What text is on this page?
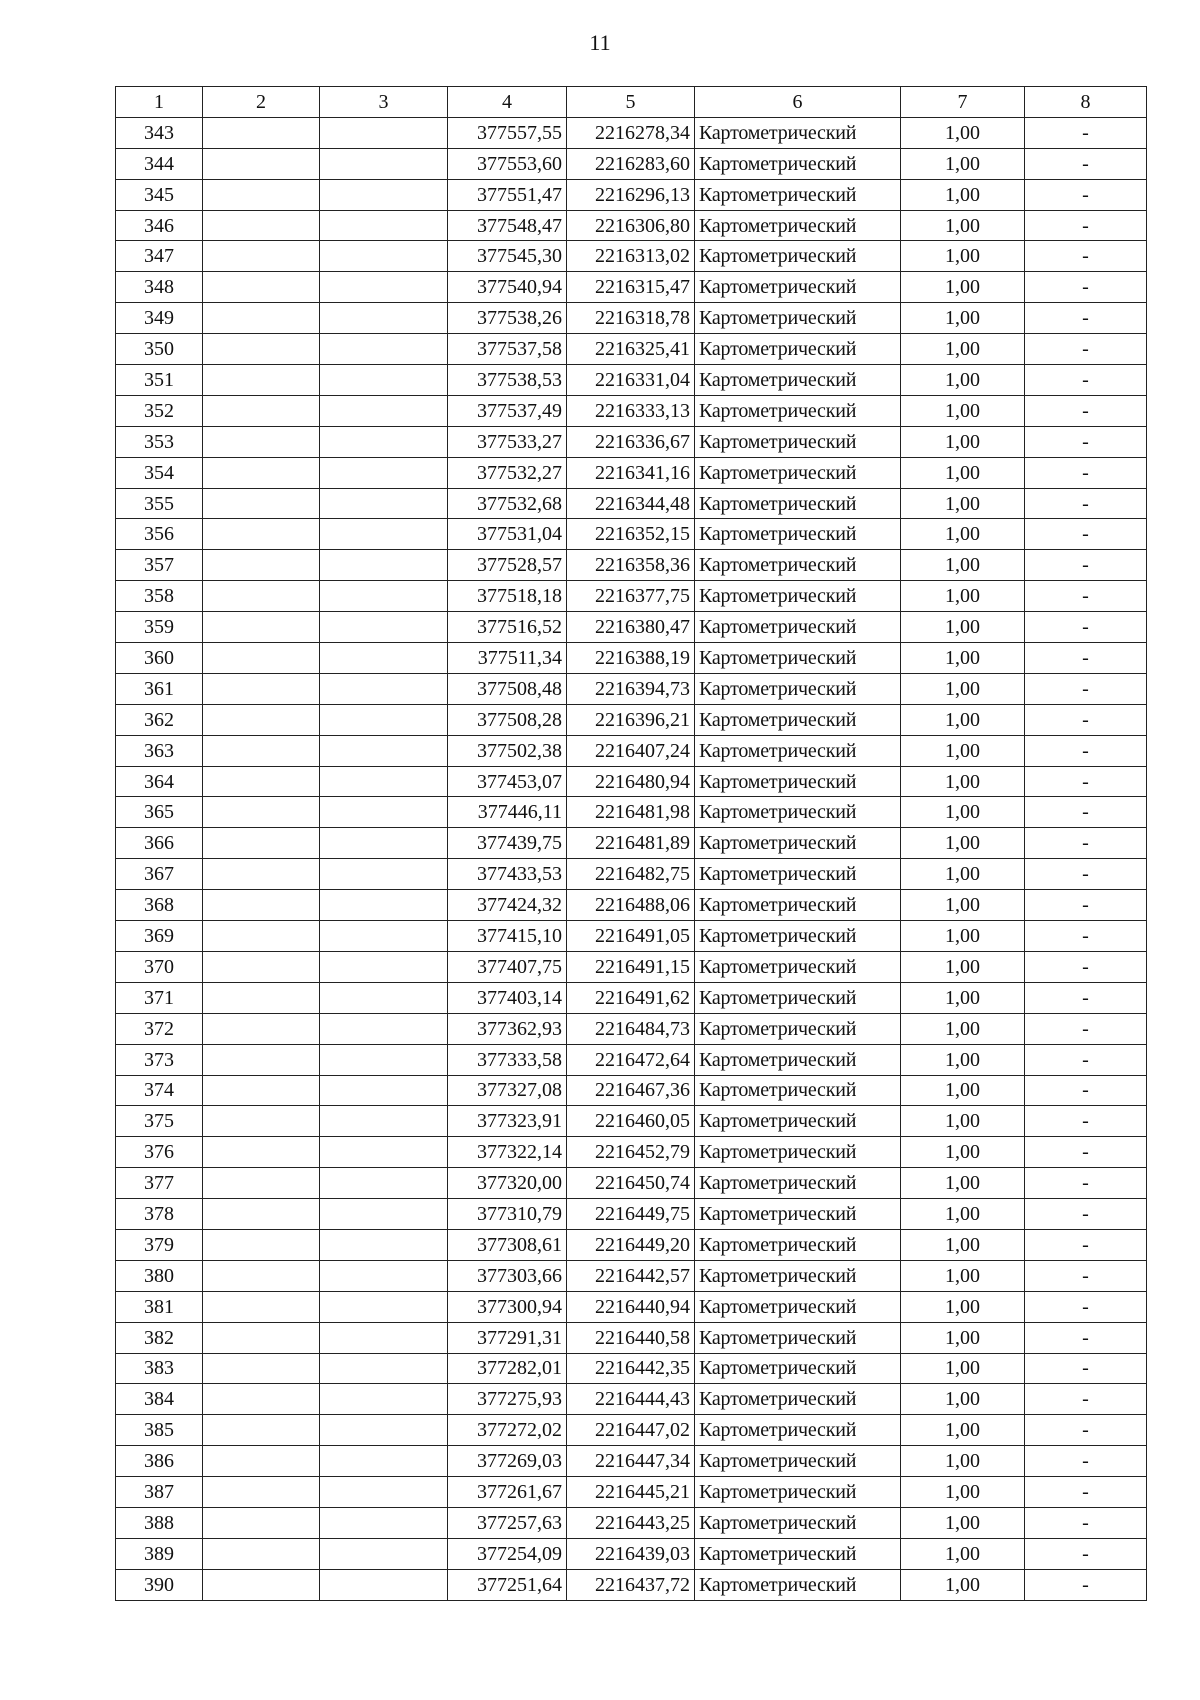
11
1	2	3	4	5	6	7	8
343			377557,55	2216278,34	Картометрический	1,00	-
344			377553,60	2216283,60	Картометрический	1,00	-
345			377551,47	2216296,13	Картометрический	1,00	-
346			377548,47	2216306,80	Картометрический	1,00	-
347			377545,30	2216313,02	Картометрический	1,00	-
348			377540,94	2216315,47	Картометрический	1,00	-
349			377538,26	2216318,78	Картометрический	1,00	-
350			377537,58	2216325,41	Картометрический	1,00	-
351			377538,53	2216331,04	Картометрический	1,00	-
352			377537,49	2216333,13	Картометрический	1,00	-
353			377533,27	2216336,67	Картометрический	1,00	-
354			377532,27	2216341,16	Картометрический	1,00	-
355			377532,68	2216344,48	Картометрический	1,00	-
356			377531,04	2216352,15	Картометрический	1,00	-
357			377528,57	2216358,36	Картометрический	1,00	-
358			377518,18	2216377,75	Картометрический	1,00	-
359			377516,52	2216380,47	Картометрический	1,00	-
360			377511,34	2216388,19	Картометрический	1,00	-
361			377508,48	2216394,73	Картометрический	1,00	-
362			377508,28	2216396,21	Картометрический	1,00	-
363			377502,38	2216407,24	Картометрический	1,00	-
364			377453,07	2216480,94	Картометрический	1,00	-
365			377446,11	2216481,98	Картометрический	1,00	-
366			377439,75	2216481,89	Картометрический	1,00	-
367			377433,53	2216482,75	Картометрический	1,00	-
368			377424,32	2216488,06	Картометрический	1,00	-
369			377415,10	2216491,05	Картометрический	1,00	-
370			377407,75	2216491,15	Картометрический	1,00	-
371			377403,14	2216491,62	Картометрический	1,00	-
372			377362,93	2216484,73	Картометрический	1,00	-
373			377333,58	2216472,64	Картометрический	1,00	-
374			377327,08	2216467,36	Картометрический	1,00	-
375			377323,91	2216460,05	Картометрический	1,00	-
376			377322,14	2216452,79	Картометрический	1,00	-
377			377320,00	2216450,74	Картометрический	1,00	-
378			377310,79	2216449,75	Картометрический	1,00	-
379			377308,61	2216449,20	Картометрический	1,00	-
380			377303,66	2216442,57	Картометрический	1,00	-
381			377300,94	2216440,94	Картометрический	1,00	-
382			377291,31	2216440,58	Картометрический	1,00	-
383			377282,01	2216442,35	Картометрический	1,00	-
384			377275,93	2216444,43	Картометрический	1,00	-
385			377272,02	2216447,02	Картометрический	1,00	-
386			377269,03	2216447,34	Картометрический	1,00	-
387			377261,67	2216445,21	Картометрический	1,00	-
388			377257,63	2216443,25	Картометрический	1,00	-
389			377254,09	2216439,03	Картометрический	1,00	-
390			377251,64	2216437,72	Картометрический	1,00	-
